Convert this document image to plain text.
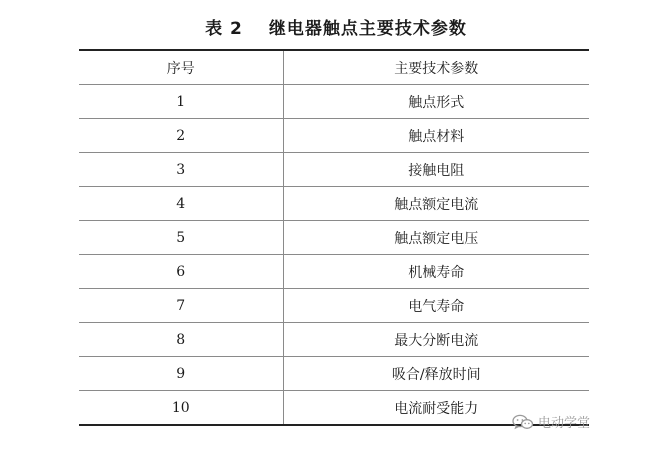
表 2 继电器触点主要技术参数
序号	主要技术参数
1	触点形式
2	触点材料
3	接触电阻
4	触点额定电流
5	触点额定电压
6	机械寿命
7	电气寿命
8	最大分断电流
9	吸合/释放时间
10	电流耐受能力
电动学堂
